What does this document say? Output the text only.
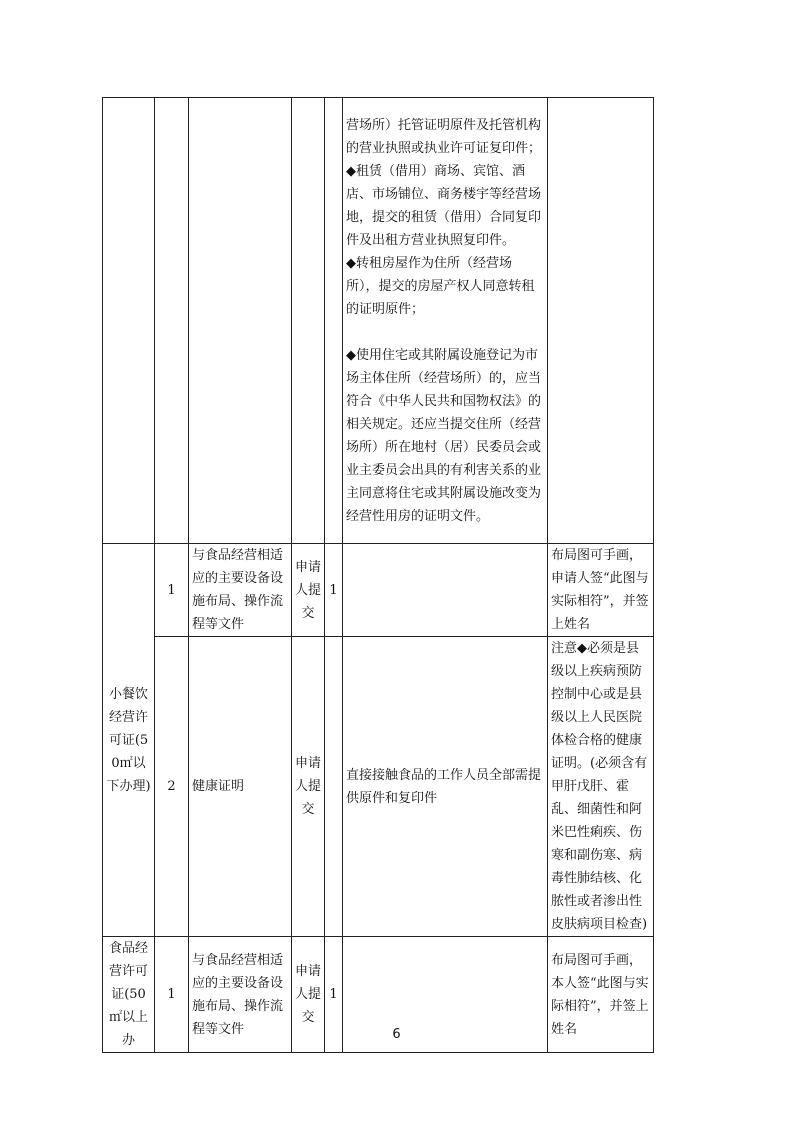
					营场所）托管证明原件及托管机构的营业执照或执业许可证复印件；

◆租赁（借用）商场、宾馆、酒店、市场铺位、商务楼宇等经营场地，提交的租赁（借用）合同复印件及出租方营业执照复印件。

◆转租房屋作为住所（经营场所），提交的房屋产权人同意转租的证明原件；

◆使用住宅或其附属设施登记为市场主体住所（经营场所）的，应当符合《中华人民共和国物权法》的相关规定。还应当提交住所（经营场所）所在地村（居）民委员会或业主委员会出具的有利害关系的业主同意将住宅或其附属设施改变为经营性用房的证明文件。	

小餐饮经营许可证(50㎡以下办理)	1	与食品经营相适应的主要设备设施布局、操作流程等文件	申请人提交	1		布局图可手画，申请人签“此图与实际相符”，并签上姓名
	2	健康证明	申请人提交		直接接触食品的工作人员全部需提供原件和复印件	注意◆必须是县级以上疾病预防控制中心或是县级以上人民医院体检合格的健康证明。(必须含有甲肝戊肝、霍乱、细菌性和阿米巴性痢疾、伤寒和副伤寒、病毒性肺结核、化脓性或者渗出性皮肤病项目检查)
食品经营许可证(50㎡以上办	1	与食品经营相适应的主要设备设施布局、操作流程等文件	申请人提交	1		布局图可手画，本人签“此图与实际相符”，并签上姓名
6
